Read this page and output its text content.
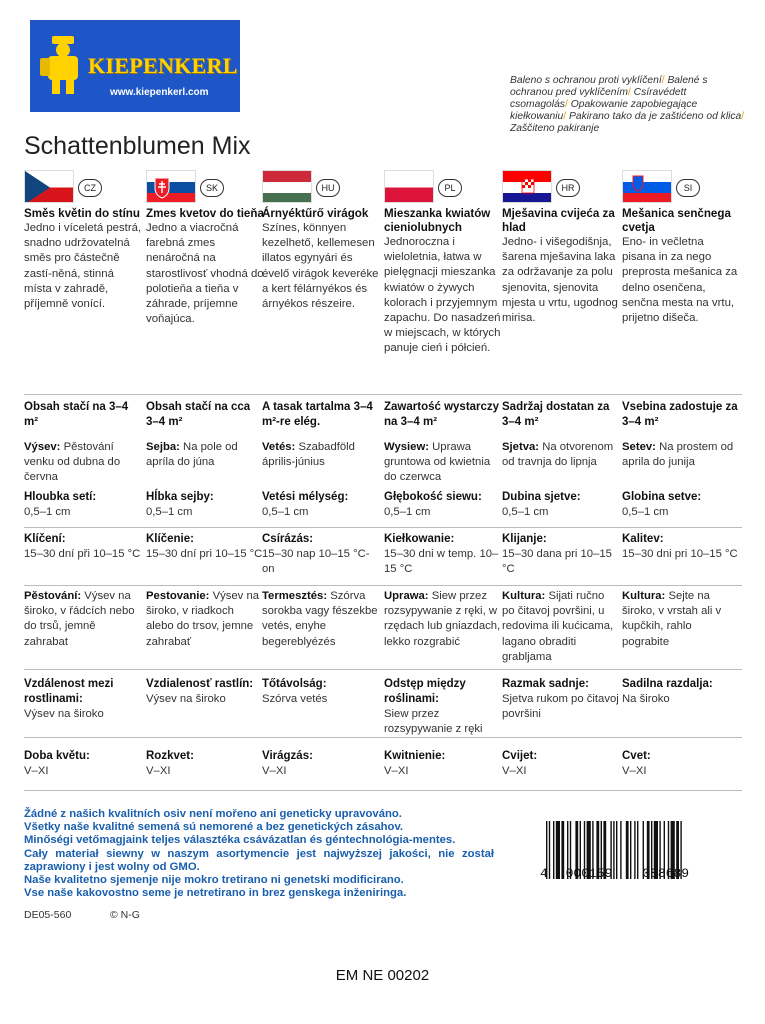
KIEPENKERL
www.kiepenkerl.com
Baleno s ochranou proti vyklíčení/ Balené s ochranou pred vyklíčením/ Csíravédett csomagolás/ Opakowanie zapobiegające kiełkowaniu/ Pakirano tako da je zaštićeno od klica/ Zaščiteno pakiranje
Schattenblumen Mix
CZ
Směs květin do stínu
Jedno i víceletá pestrá, snadno udržovatelná směs pro částečně zastí-něná, stinná místa v zahradě, příjemně vonící.
SK
Zmes kvetov do tieňa
Jedno a viacročná farebná zmes nenáročná na starostlivosť vhodná do polotieňa a tieňa v záhrade, príjemne voňajúca.
HU
Árnyéktűrő virágok
Színes, könnyen kezelhető, kellemesen illatos egynyári és évelő virágok keveréke a kert félárnyékos és árnyékos részeire.
PL
Mieszanka kwiatów cieniolubnych
Jednoroczna i wieloletnia, łatwa w pielęgnacji mieszanka kwiatów o żywych kolorach i przyjemnym zapachu. Do nasadzeń w miejscach, w których panuje cień i półcień.
HR
Mješavina cvijeća za hlad
Jedno- i višegodišnja, šarena mješavina laka za održavanje za polu sjenovita, sjenovita mjesta u vrtu, ugodnog mirisa.
SI
Mešanica senčnega cvetja
Eno- in večletna pisana in za nego preprosta mešanica za delno osenčena, senčna mesta na vrtu, prijetno dišeča.
Obsah stačí na 3–4 m²
Výsev: Pěstování venku od dubna do června
Hloubka setí:
0,5–1 cm
Klíčení:
15–30 dní při 10–15 °C
Pěstování: Výsev na široko, v řádcích nebo do trsů, jemně zahrabat
Vzdálenost mezi rostlinami:
Výsev na široko
Doba květu:
V–XI
Obsah stačí na cca 3–4 m²
Sejba: Na pole od apríla do júna
Hĺbka sejby:
0,5–1 cm
Klíčenie:
15–30 dní pri 10–15 °C
Pestovanie: Výsev na široko, v riadkoch alebo do trsov, jemne zahrabať
Vzdialenosť rastlín:
Výsev na široko
Rozkvet:
V–XI
A tasak tartalma 3–4 m²-re elég.
Vetés: Szabadföld április-június
Vetési mélység:
0,5–1 cm
Csírázás:
15–30 nap 10–15 °C-on
Termesztés: Szórva sorokba vagy fészekbe vetés, enyhe begereblyézés
Tőtávolság:
Szórva vetés
Virágzás:
V–XI
Zawartość wystarczy na 3–4 m²
Wysiew: Uprawa gruntowa od kwietnia do czerwca
Głębokość siewu:
0,5–1 cm
Kiełkowanie:
15–30 dni w temp. 10–15 °C
Uprawa: Siew przez rozsypywanie z ręki, w rzędach lub gniazdach, lekko rozgrabić
Odstęp między roślinami:
Siew przez rozsypywanie z ręki
Kwitnienie:
V–XI
Sadržaj dostatan za 3–4 m²
Sjetva: Na otvorenom od travnja do lipnja
Dubina sjetve:
0,5–1 cm
Klijanje:
15–30 dana pri 10–15 °C
Kultura: Sijati ručno po čitavoj površini, u redovima ili kućicama, lagano obraditi grabljama
Razmak sadnje:
Sjetva rukom po čitavoj površini
Cvijet:
V–XI
Vsebina zadostuje za 3–4 m²
Setev: Na prostem od aprila do junija
Globina setve:
0,5–1 cm
Kalitev:
15–30 dni pri 10–15 °C
Kultura: Sejte na široko, v vrstah ali v kupčkih, rahlo pograbite
Sadilna razdalja:
Na široko
Cvet:
V–XI
Žádné z našich kvalitních osiv není mořeno ani geneticky upravováno.
Všetky naše kvalitné semená sú nemorené a bez genetických zásahov.
Minőségi vetőmagjaink teljes választéka csávázatlan és géntechnológia-mentes.
Cały materiał siewny w naszym asortymencie jest najwyższej jakości, nie został zaprawiony i jest wolny od GMO.
Naše kvalitetno sjemenje nije mokro tretirano ni genetski modificirano.
Vse naše kakovostno seme je netretirano in brez genskega inženiringa.
DE05-560	© N-G
4 000159 088689
EM NE 00202
